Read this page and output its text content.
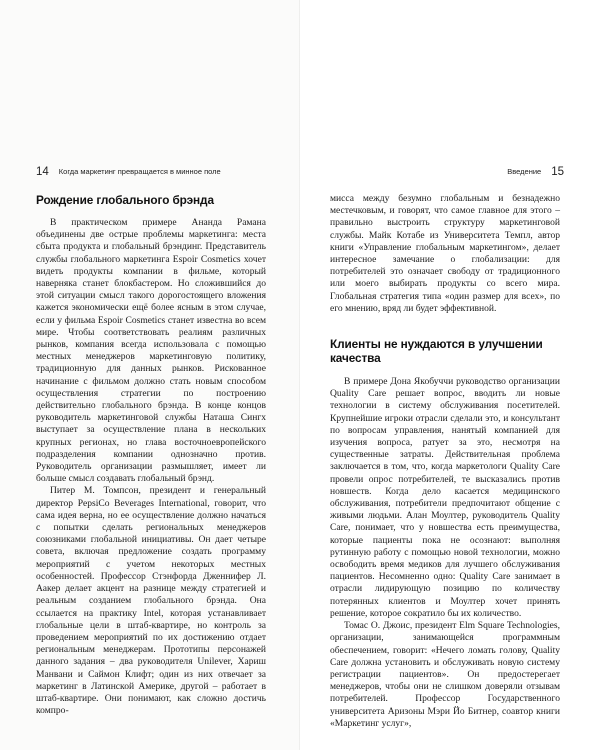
14 Когда маркетинг превращается в минное поле
Рождение глобального брэнда

В практическом примере Ананда Рамана объединены две острые проблемы маркетинга: места сбыта продукта и глобальный брэндинг. Представитель службы глобального маркетинга Espoir Cosmetics хочет видеть продукты компании в фильме, который наверняка станет блокбастером. Но сложившийся до этой ситуации смысл такого дорогостоящего вложения кажется экономически ещё более ясным в этом случае, если у фильма Espoir Cosmetics станет известна во всем мире. Чтобы соответствовать реалиям различных рынков, компания всегда использовала с помощью местных менеджеров маркетинговую политику, традиционную для данных рынков. Рискованное начинание с фильмом должно стать новым способом осуществления стратегии по построению действительно глобального брэнда. В конце концов руководитель маркетинговой службы Наташа Сингх выступает за осуществление плана в нескольких крупных регионах, но глава восточноевропейского подразделения компании однозначно против. Руководитель организации размышляет, имеет ли больше смысл создавать глобальный брэнд.

Питер М. Томпсон, президент и генеральный директор PepsiCo Beverages International, говорит, что сама идея верна, но ее осуществление должно начаться с попытки сделать региональных менеджеров союзниками глобальной инициативы. Он дает четыре совета, включая предложение создать программу мероприятий с учетом некоторых местных особенностей. Профессор Стэнфорда Дженнифер Л. Аакер делает акцент на разнице между стратегией и реальным созданием глобального брэнда. Она ссылается на практику Intel, которая устанавливает глобальные цели в штаб-квартире, но контроль за проведением мероприятий по их достижению отдает региональным менеджерам. Прототипы персонажей данного задания – два руководителя Unilever, Хариш Манвани и Саймон Клифт; один из них отвечает за маркетинг в Латинской Америке, другой – работает в штаб-квартире. Они понимают, как сложно достичь компро-

Введение 15

мисса между безумно глобальным и безнадежно местечковым, и говорят, что самое главное для этого – правильно выстроить структуру маркетинговой службы. Майк Котабе из Университета Темпл, автор книги «Управление глобальным маркетингом», делает интересное замечание о глобализации: для потребителей это означает свободу от традиционного или моего выбирать продукты со всего мира. Глобальная стратегия типа «один размер для всех», по его мнению, вряд ли будет эффективной.

Клиенты не нуждаются в улучшении качества

В примере Дона Якобуччи руководство организации Quality Care решает вопрос, вводить ли новые технологии в систему обслуживания посетителей. Крупнейшие игроки отрасли сделали это, и консультант по вопросам управления, нанятый компанией для изучения вопроса, ратует за это, несмотря на существенные затраты. Действительная проблема заключается в том, что, когда маркетологи Quality Care провели опрос потребителей, те высказались против новшеств. Когда дело касается медицинского обслуживания, потребители предпочитают общение с живыми людьми. Алан Моултер, руководитель Quality Care, понимает, что у новшества есть преимущества, которые пациенты пока не осознают: выполняя рутинную работу с помощью новой технологии, можно освободить время медиков для лучшего обслуживания пациентов. Несомненно одно: Quality Care занимает в отрасли лидирующую позицию по количеству потерянных клиентов и Моултер хочет принять решение, которое сократило бы их количество.

Томас О. Джоис, президент Elm Square Technologies, организации, занимающейся программным обеспечением, говорит: «Нечего ломать голову, Quality Care должна установить и обслуживать новую систему регистрации пациентов». Он предостерегает менеджеров, чтобы они не слишком доверяли отзывам потребителей. Профессор Государственного университета Аризоны Мэри Йо Битнер, соавтор книги «Маркетинг услуг»,
